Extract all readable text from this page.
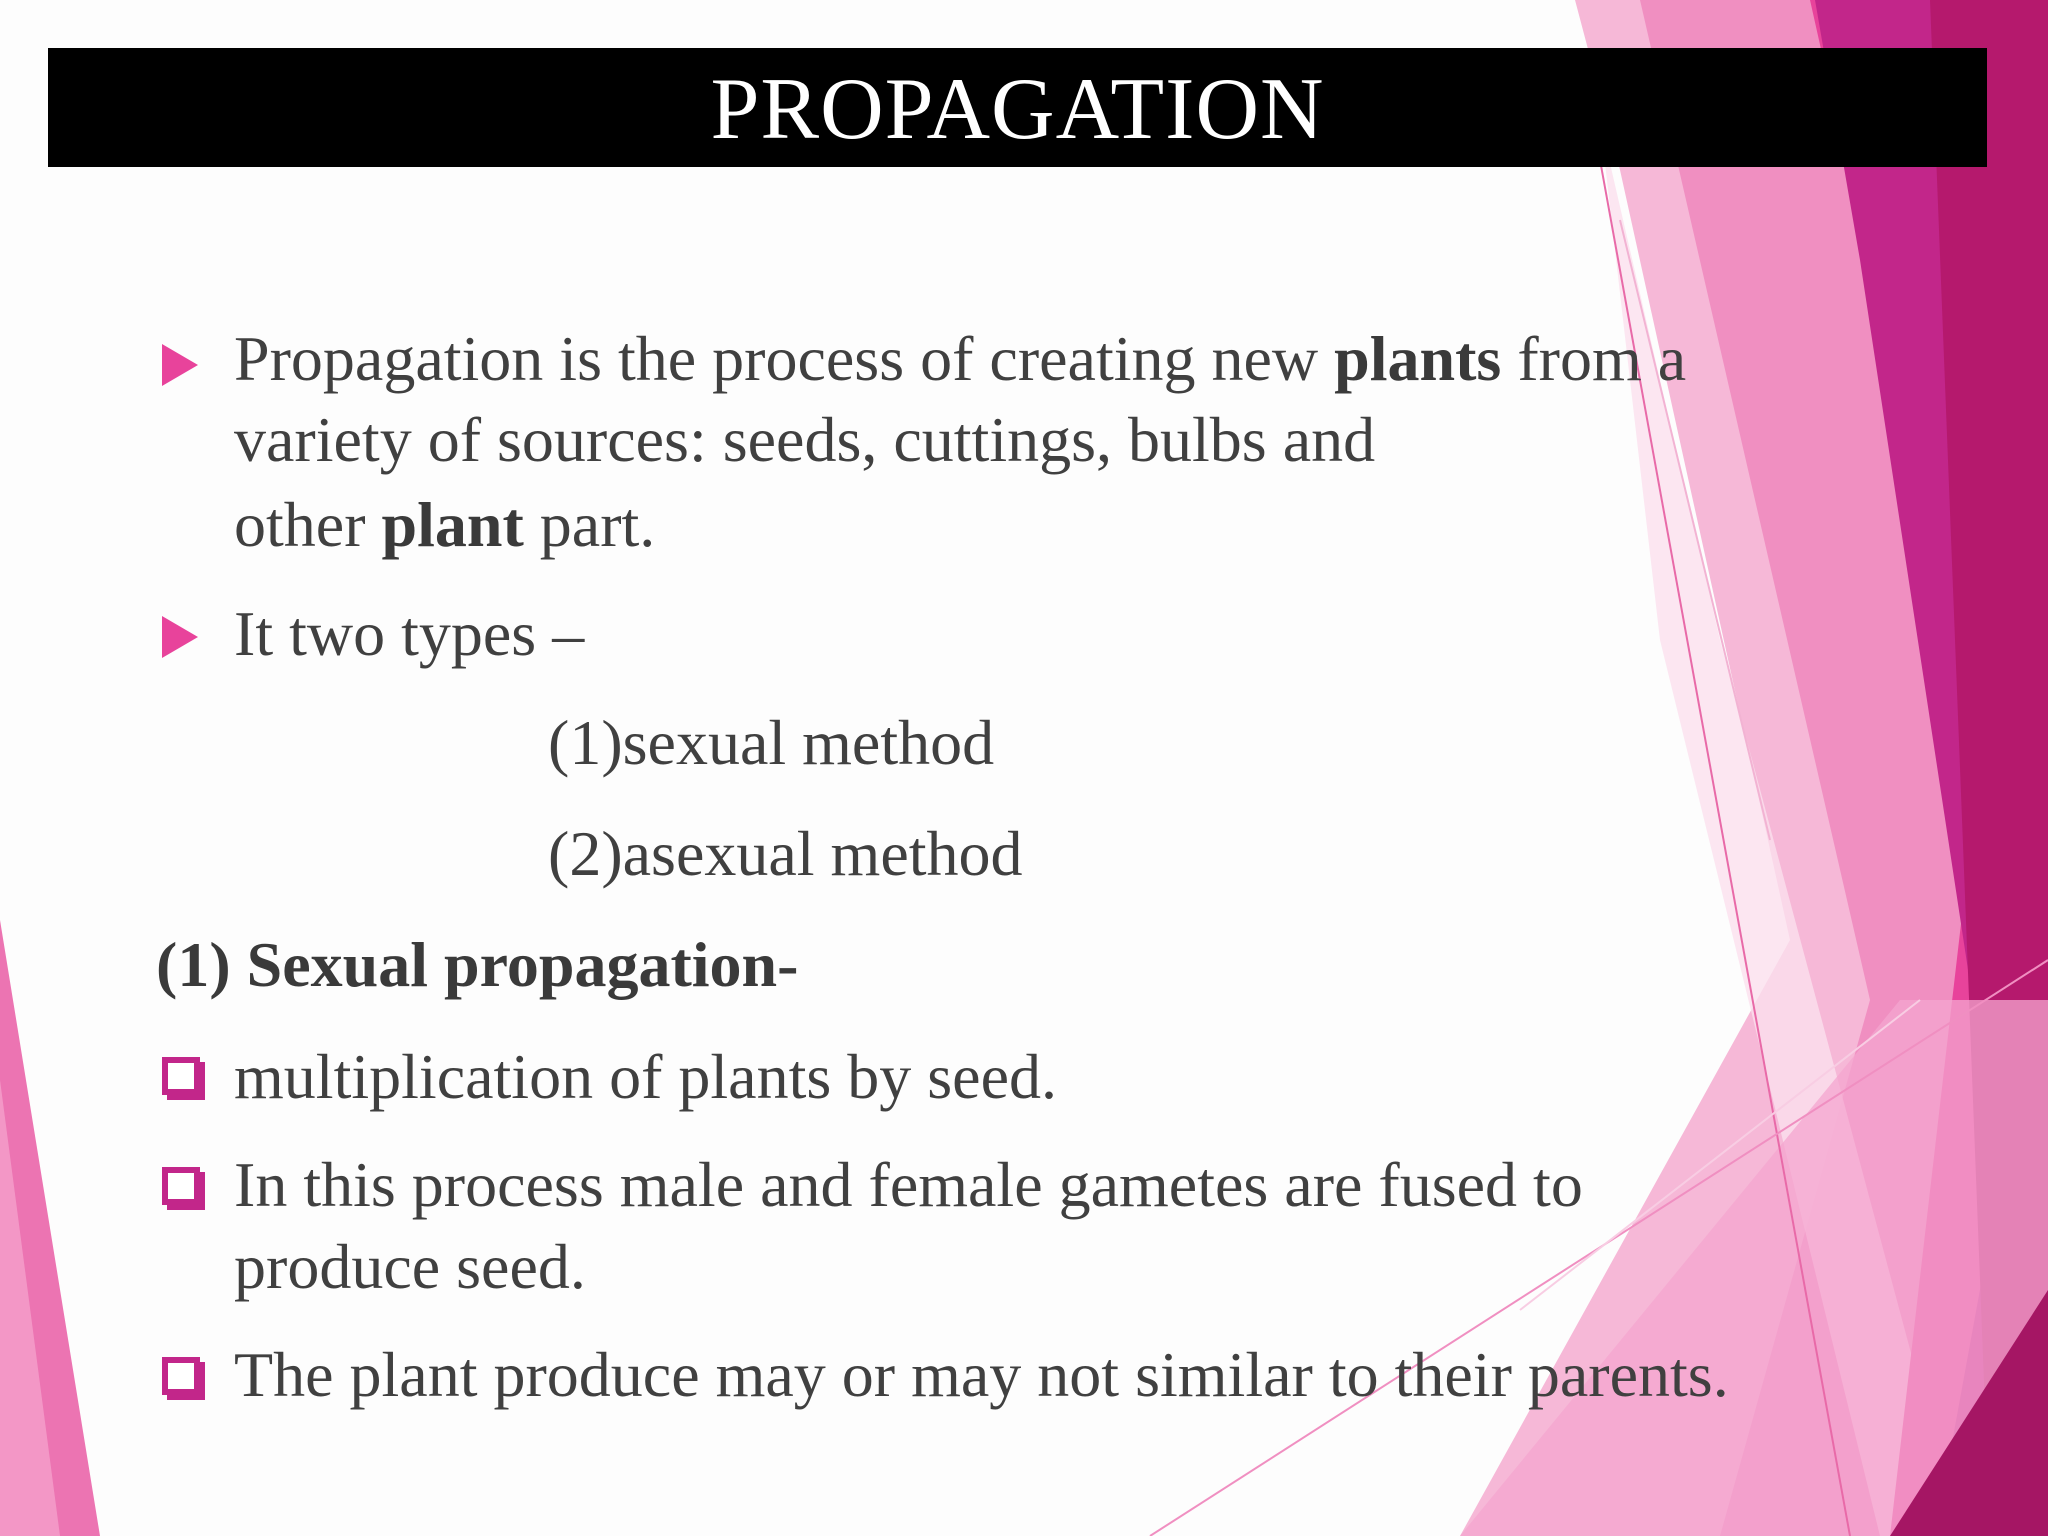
PROPAGATION
Propagation is the process of creating new plants from a
variety of sources: seeds, cuttings, bulbs and
other plant part.
It two types –
(1)sexual method
(2)asexual method
(1) Sexual propagation-
multiplication of plants by seed.
In this process male and female gametes are fused to
produce seed.
The plant produce may or may not similar to their parents.
